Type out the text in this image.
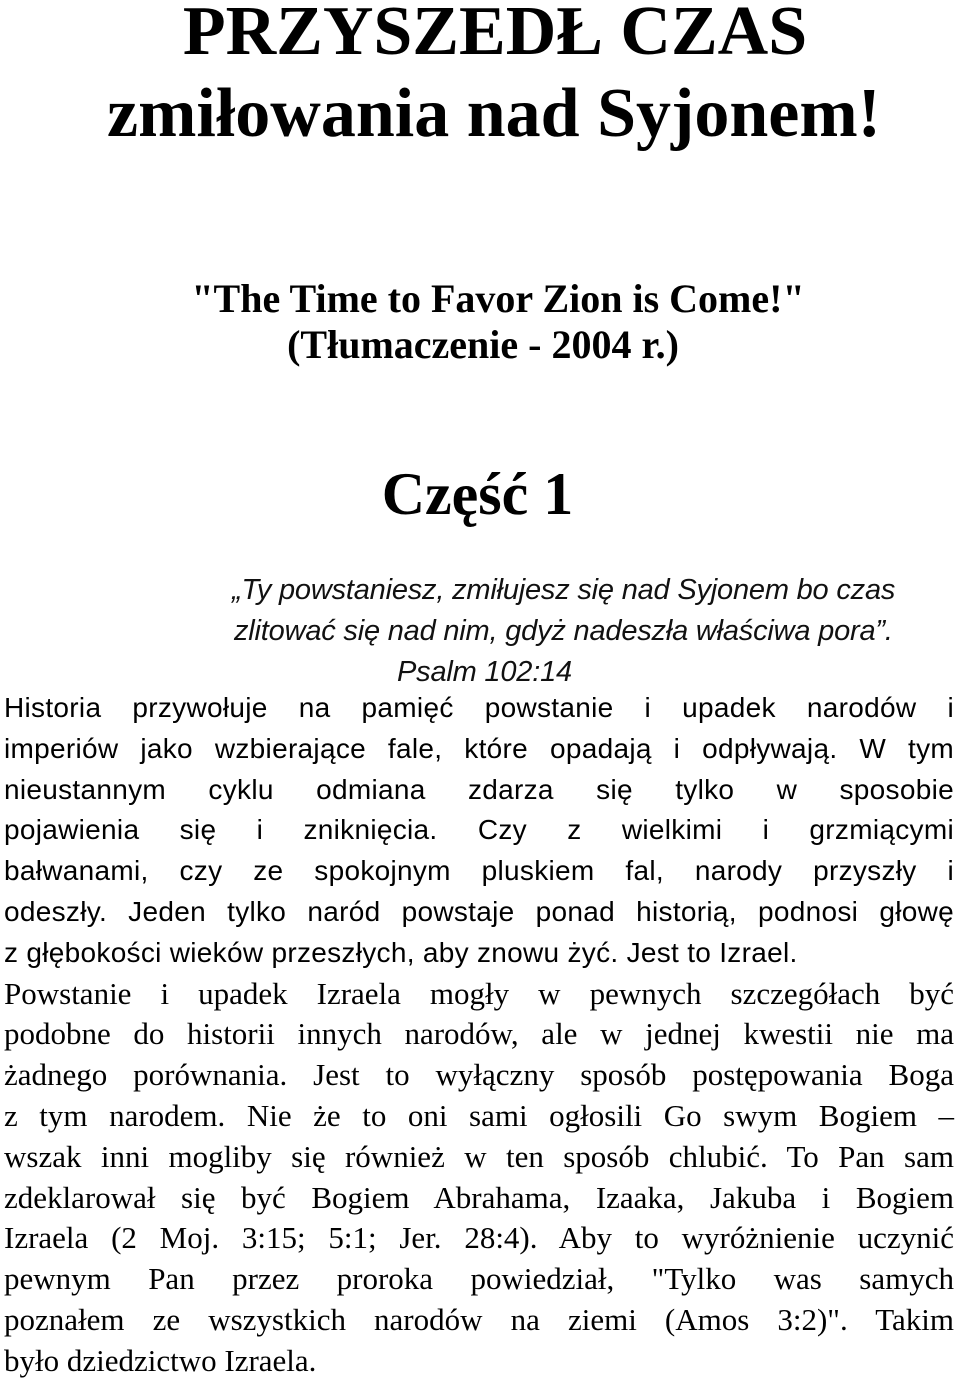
PRZYSZEDŁ CZAS
zmiłowania nad Syjonem!
"The Time to Favor Zion is Come!"
(Tłumaczenie - 2004 r.)
Część 1
„Ty powstaniesz, zmiłujesz się nad Syjonem bo czas
zlitować się nad nim, gdyż nadeszła właściwa pora”.
Psalm 102:14
Historia przywołuje na pamięć powstanie i upadek narodów i
imperiów jako wzbierające fale, które opadają i odpływają. W tym
nieustannym cyklu odmiana zdarza się tylko w sposobie
pojawienia się i zniknięcia. Czy z wielkimi i grzmiącymi
bałwanami, czy ze spokojnym pluskiem fal, narody przyszły i
odeszły. Jeden tylko naród powstaje ponad historią, podnosi głowę
z głębokości wieków przeszłych, aby znowu żyć. Jest to Izrael.
Powstanie i upadek Izraela mogły w pewnych szczegółach być
podobne do historii innych narodów, ale w jednej kwestii nie ma
żadnego porównania. Jest to wyłączny sposób postępowania Boga
z tym narodem. Nie że to oni sami ogłosili Go swym Bogiem –
wszak inni mogliby się również w ten sposób chlubić. To Pan sam
zdeklarował się być Bogiem Abrahama, Izaaka, Jakuba i Bogiem
Izraela (2 Moj. 3:15; 5:1; Jer. 28:4). Aby to wyróżnienie uczynić
pewnym Pan przez proroka powiedział, "Tylko was samych
poznałem ze wszystkich narodów na ziemi (Amos 3:2)". Takim
było dziedzictwo Izraela.
